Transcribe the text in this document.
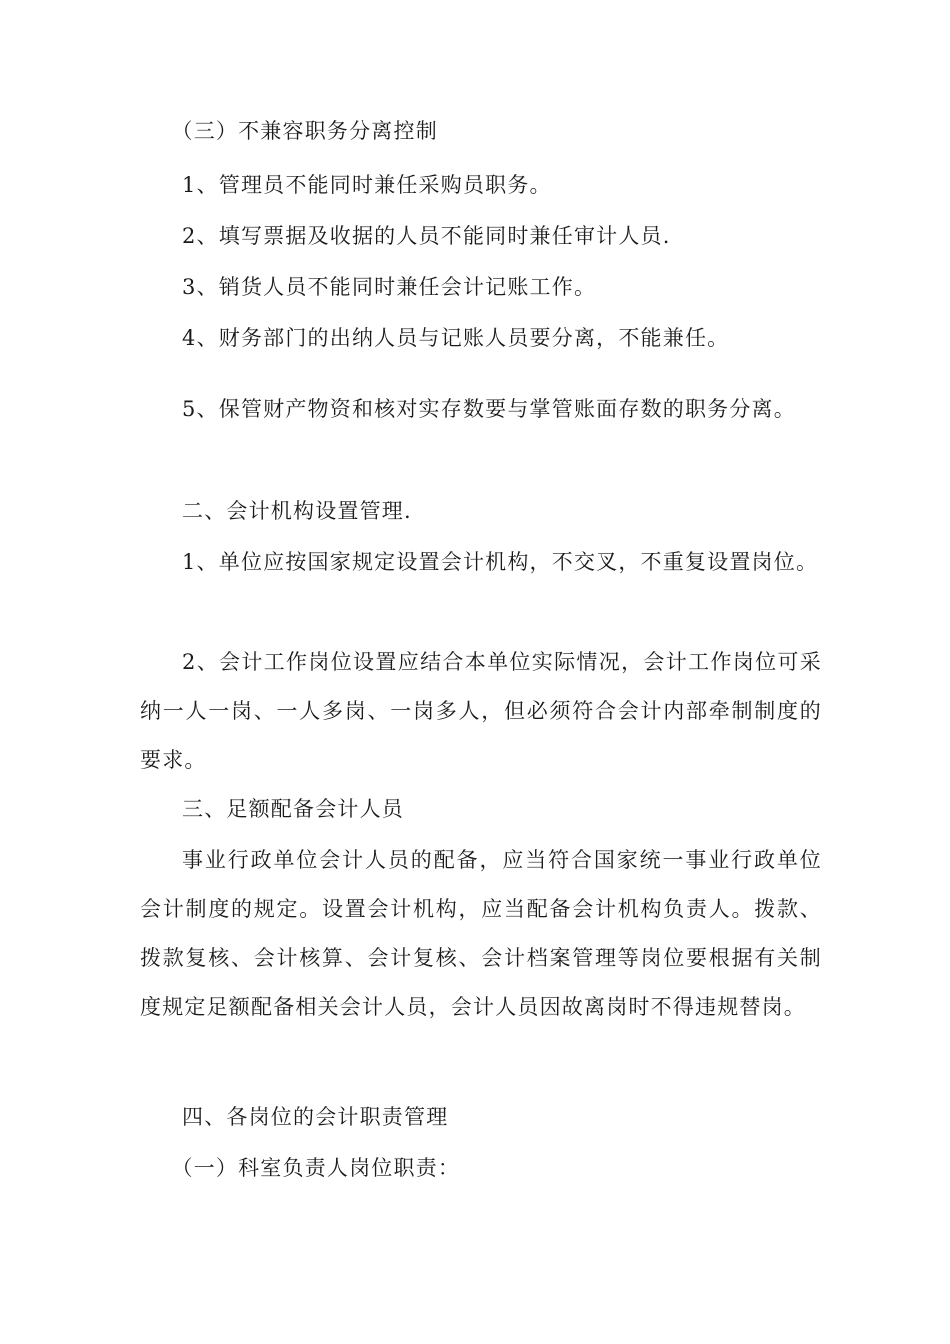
（三）不兼容职务分离控制

1、管理员不能同时兼任采购员职务。

2、填写票据及收据的人员不能同时兼任审计人员.

3、销货人员不能同时兼任会计记账工作。

4、财务部门的出纳人员与记账人员要分离，不能兼任。

5、保管财产物资和核对实存数要与掌管账面存数的职务分离。

二、会计机构设置管理.

1、单位应按国家规定设置会计机构，不交叉，不重复设置岗位。

2、会计工作岗位设置应结合本单位实际情况，会计工作岗位可采纳一人一岗、一人多岗、一岗多人，但必须符合会计内部牵制制度的要求。

三、足额配备会计人员

事业行政单位会计人员的配备，应当符合国家统一事业行政单位会计制度的规定。设置会计机构，应当配备会计机构负责人。拨款、拨款复核、会计核算、会计复核、会计档案管理等岗位要根据有关制度规定足额配备相关会计人员，会计人员因故离岗时不得违规替岗。

四、各岗位的会计职责管理

（一）科室负责人岗位职责：
